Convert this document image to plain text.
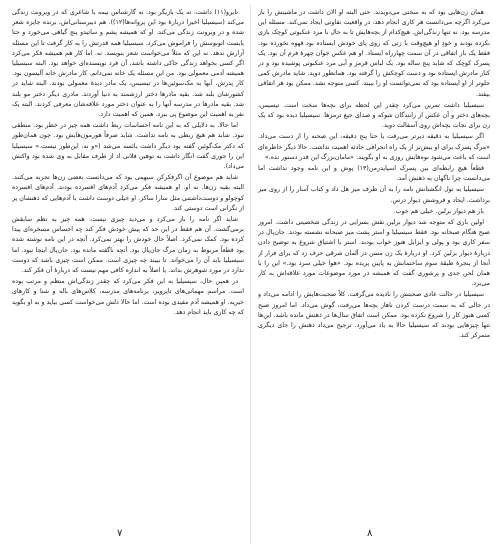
تایرو(۱۱) داشت. نه یک بازیگر بود. نه گارشناس نیمه یا شاعری که در ویرونت زندگی می‌کند (سیسیلیا اخیرا دربارهٔ بود این پروانه‌ها(۱۲)). هم دبیرستانی‌اش، برنده جایزه شعر شده و در ویرونت زندگی می‌کند. او که همیشه پشم و ساتیدو پنج گیاهی می‌خورد و حتا بایست اتوبوسش را فراموش می‌کرد. سیسیلیا همه قدرتش را به کار گرفت تا این مسئله آزارش ندهد. نه این که مثلاً می‌خواست شعر بنویسد. نه. اما کار هم همیشه فکر می‌کرد اگر کسی بخواهد زندگی خاکی داشته باشد، آن فرد نویسنده‌ای خواهد بود. البته سیسیلیا همیشه آدمی معمولی بود. من این مسئله یک خانه نمی‌دانم. کار مادرش خانه آلیسون بود. کار پدرش. آنها به مک‌سوئین‌ها در تیسیس، یک مادر دیدهٔ معمولی بودند. البته شاید در کشورشان بلند شد. بقیه مادرها دختر ارزشمند به دنیا آوردند. مادری دیگر دختر مو بلند شد. بقیه مادرها در مدرسه آنها را به عنوان دختر مورد علاقه‌شان معرفی کردند. البته یک نفر به اهمیت این موضوع پی ببرد. همین که اهمیت دارد.

اما حالا. به دلایلی که به این نامه احساسات ربط داشت همه چیز در خطر بود. منطقی نبود. شاید هم هیچ ربطی به نامه نداشت. شاید صرفاً هورمون‌هایش بود. چون همان‌طور که دکتر مک‌گوئین گفته بود دیگر داشت یائسه می‌شد («و نه، این‌طور نیست.» سیسیلیا این را جوری گفت انگار داشت به توهین فلانی اد از طرف مقابل به وی شده بود واکنش می‌داد).

شاید هم موضوع آن اگر‌فکرکن سیهمی بود که می‌دانست بعضی زن‌ها تجربه می‌کنند. البته بقیه زن‌ها. نه او. او همیشه فکر می‌کرد آدم‌های افسرده بودند. آدم‌های افسرده کوچولو و دوست‌داشتنی مثل سارا ساکز. او خیلی دوست داشت با آدم‌هایی که ذهنشان پر از نگرانی است دوستی کند.

شاید اگر نامه را باز می‌کرد و می‌دید چیزی نیست. همه چیز به نظم سابقش برمی‌گشت. آن هم فقط در این حد که پیش خودش فکر کند چه احساس مسخره‌ای پیدا کرده بود. کمک نمی‌کرد. اصلاً حال خودش را بهتر نمی‌کرد. آنچه در این نامه نوشته شده بود قطعاً مربوط به زمان مرگ جان‌پال بود. آنچه ناگفته مانده بود. جان‌پال اینجا نبود. اما سیسیلیا باید آن را می‌خواند. تا ببیند چه چیزی است. ممکن است چیزی باشد که دوست ندارد در مورد شوهرش بداند. یا اصلاً به اندازه کافی مهم نیست که دربارهٔ آن فکر کند.

در همین حال، سیسیلیا به این فکر می‌کرد که چقدر زندگی‌اش منظم و مرتب بوده است. مراسم مهمانی‌های تاپرویر، برنامه‌های مدرسه، کلاس‌های باله و شنا و کارهای خیریه. او همیشه آدم مفیدی بوده است. اما حالا دلش می‌خواست کسی بیاید و به او بگوید که چه کاری باید انجام دهد.

همان زن‌هایی بود که به سختی می‌دویدند. حتی البته او الان داشت در ماشینش را باز می‌کرد اگرچه می‌دانست هر کاری انجام دهد. در واقعیت تفاوتی ایجاد نمی‌کند. مسئله این مدرسه بود. نه تنها زندگی‌اش. هیچ‌کدام از بچه‌هایش تا به حال با مرد عنکبوتی کوچک بازی نکرده بودند و خودِ او هیچ‌وقت با زنی که روی پای خودش ایستاده بود قهوه نخورده بود. فقط یک بار اتفاقی در آن سمت چهارراه ایستاد. او هم عکس جوان چهرهٔ فرم آن بود. یک پسرک کوچک که شاید پنج ساله بود. یک لباس قرمز و آبی مرد عنکبوتی پوشیده بود و در کنار مادرش ایستاده بود و دست کوچکش را گرفته بود. همانطور دوید. شاید مادرش کمی جلوتر از او ایستاده بود که نمی‌توانست او را ببیند. کسی متوجه نشد. ممکن بود هر اتفاقی بیفتد.

سیسیلیا داشت تمرین می‌کرد چقدر این لحظه برای بچه‌ها سخت است. تیسیس، بچه‌های دختر و آن عکس از رانندگان شوکه و صدای جیغ ترمزها. سیسیلیا دیده بود که یک زن برای نجات بچه‌اش روی آسفالت دوید.

اگر سیسیلیا به دقیقه دیرتر می‌رفت یا حتا پنج دقیقه، این صحنه را از دست می‌داد. «مرگ پسرک برای او بیش‌تر از یک راه انحرافی حادثه اهمیت نداشت. حالا دیگر خاطره‌ای است که باعث می‌شود نوه‌هایش روزی به او بگویند: «مامان‌بزرگ این قدر دستور نده.»

قطعاً هیچ رابطه‌ای بین پسرک اسپایدرمن(۱۳) پوش و این نامه وجود نداشت اما می‌دانست چرا ناگهان به ذهنش آمد.

سیسیلیا به تول انگشتانش نامه را به آن طرف میز هل داد و کتاب آسار را از روی میز برداشت. ایجاد و فروشش دیوار درس.

بار هم دیوار برلین. خیلی هم خوب.

اولین بازی که متوجه شد دیوار برلین نقش بسزایی در زندگی شخصیتی داشت. امروز صبح هنگام صبحانه بود. فقط سیسیلیا و استر پشت میز صبحانه نشسته بودند. جان‌پال در سفر کاری بود و پولی و ایزابل هنوز خواب بودند. استر با اشتیاق شروع به توضیح دادن دربارهٔ دیوار برلین کرد. او دربارهٔ یک زن مسن در آلمان شرقی حرف زد که برای فرار از آنجا از پنجرهٔ طبقهٔ سوم ساختمانش به پایین پریده بود. «هوا خیلی سرد بود.» این را با همان لحن جدی و پرشوری گفت که همیشه در مورد موضوعات مورد علاقه‌اش به کار می‌برد.

سیسیلیا در حالت عادی صحبتش را نادیده می‌گرفت. کلاً صحبت‌هایش را ادامه می‌داد و در حالی که به سمت درست کردن ناهار بچه‌ها می‌رفت، گوش می‌داد. اما امروز صبح کسی هنوز کار را شروع نکرده بود. ممکن است اتفاق سال‌ها در ذهنش مانده باشد. این‌ها تنها چیزهایی بودند که سیسیلیا حالا به یاد می‌آورد. ترجیح می‌داد ذهنش را جای دیگری متمرکز کند.

۷	۸
